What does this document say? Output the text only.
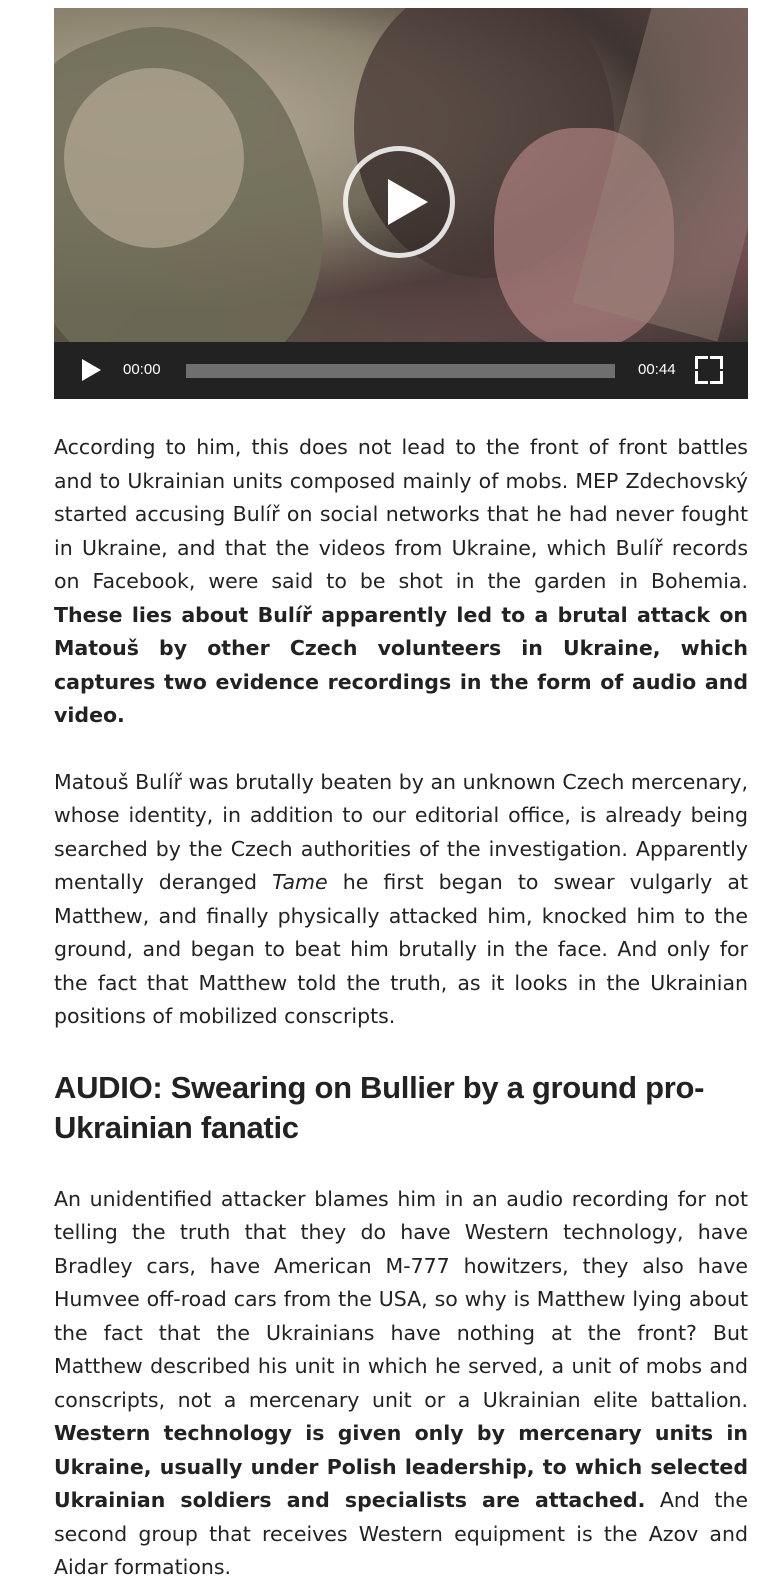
00:00	00:44

According to him, this does not lead to the front of front battles and to Ukrainian units composed mainly of mobs. MEP Zdechovský started accusing Bulíř on social networks that he had never fought in Ukraine, and that the videos from Ukraine, which Bulíř records on Facebook, were said to be shot in the garden in Bohemia. These lies about Bulíř apparently led to a brutal attack on Matouš by other Czech volunteers in Ukraine, which captures two evidence recordings in the form of audio and video.

Matouš Bulíř was brutally beaten by an unknown Czech mercenary, whose identity, in addition to our editorial office, is already being searched by the Czech authorities of the investigation. Apparently mentally deranged Tame he first began to swear vulgarly at Matthew, and finally physically attacked him, knocked him to the ground, and began to beat him brutally in the face. And only for the fact that Matthew told the truth, as it looks in the Ukrainian positions of mobilized conscripts.

AUDIO: Swearing on Bullier by a ground pro-Ukrainian fanatic

An unidentified attacker blames him in an audio recording for not telling the truth that they do have Western technology, have Bradley cars, have American M-777 howitzers, they also have Humvee off-road cars from the USA, so why is Matthew lying about the fact that the Ukrainians have nothing at the front? But Matthew described his unit in which he served, a unit of mobs and conscripts, not a mercenary unit or a Ukrainian elite battalion. Western technology is given only by mercenary units in Ukraine, usually under Polish leadership, to which selected Ukrainian soldiers and specialists are attached. And the second group that receives Western equipment is the Azov and Aidar formations.
